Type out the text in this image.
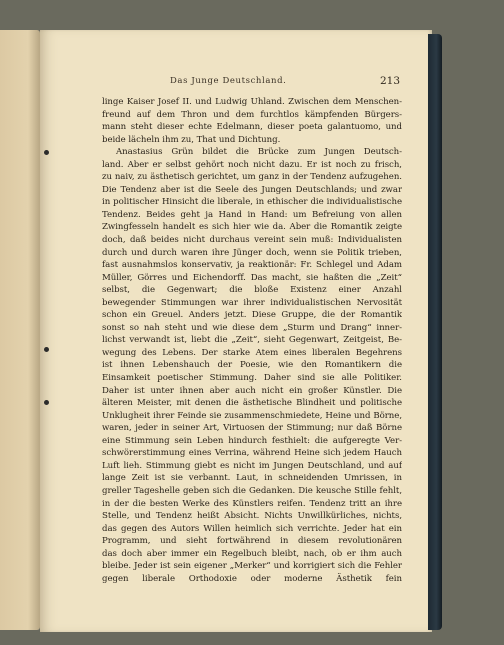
Das Junge Deutschland.	213
linge Kaiser Josef II. und Ludwig Uhland. Zwischen dem Menschen-
freund auf dem Thron und dem furchtlos kämpfenden Bürgers-
mann steht dieser echte Edelmann, dieser poeta galantuomo, und
beide lächeln ihm zu, That und Dichtung.
Anastasius Grün bildet die Brücke zum Jungen Deutsch-
land. Aber er selbst gehört noch nicht dazu. Er ist noch zu frisch,
zu naiv, zu ästhetisch gerichtet, um ganz in der Tendenz aufzugehen.
Die Tendenz aber ist die Seele des Jungen Deutschlands; und zwar
in politischer Hinsicht die liberale, in ethischer die individualistische
Tendenz. Beides geht ja Hand in Hand: um Befreiung von allen
Zwingfesseln handelt es sich hier wie da. Aber die Romantik zeigte
doch, daß beides nicht durchaus vereint sein muß: Individualisten
durch und durch waren ihre Jünger doch, wenn sie Politik trieben,
fast ausnahmslos konservativ, ja reaktionär: Fr. Schlegel und Adam
Müller, Görres und Eichendorff. Das macht, sie haßten die „Zeit“
selbst, die Gegenwart; die bloße Existenz einer Anzahl
bewegender Stimmungen war ihrer individualistischen Nervosität
schon ein Greuel. Anders jetzt. Diese Gruppe, die der Romantik
sonst so nah steht und wie diese dem „Sturm und Drang“ inner-
lichst verwandt ist, liebt die „Zeit“, sieht Gegenwart, Zeitgeist, Be-
wegung des Lebens. Der starke Atem eines liberalen Begehrens
ist ihnen Lebenshauch der Poesie, wie den Romantikern die
Einsamkeit poetischer Stimmung. Daher sind sie alle Politiker.
Daher ist unter ihnen aber auch nicht ein großer Künstler. Die
älteren Meister, mit denen die ästhetische Blindheit und politische
Unklugheit ihrer Feinde sie zusammenschmiedete, Heine und Börne,
waren, jeder in seiner Art, Virtuosen der Stimmung; nur daß Börne
eine Stimmung sein Leben hindurch festhielt: die aufgeregte Ver-
schwörerstimmung eines Verrina, während Heine sich jedem Hauch
Luft lieh. Stimmung giebt es nicht im Jungen Deutschland, und auf
lange Zeit ist sie verbannt. Laut, in schneidenden Umrissen, in
greller Tageshelle geben sich die Gedanken. Die keusche Stille fehlt,
in der die besten Werke des Künstlers reifen. Tendenz tritt an ihre
Stelle, und Tendenz heißt Absicht. Nichts Unwillkürliches, nichts,
das gegen des Autors Willen heimlich sich verrichte. Jeder hat ein
Programm, und sieht fortwährend in diesem revolutionären
das doch aber immer ein Regelbuch bleibt, nach, ob er ihm auch
bleibe. Jeder ist sein eigener „Merker“ und korrigiert sich die Fehler
gegen liberale Orthodoxie oder moderne Ästhetik fein
